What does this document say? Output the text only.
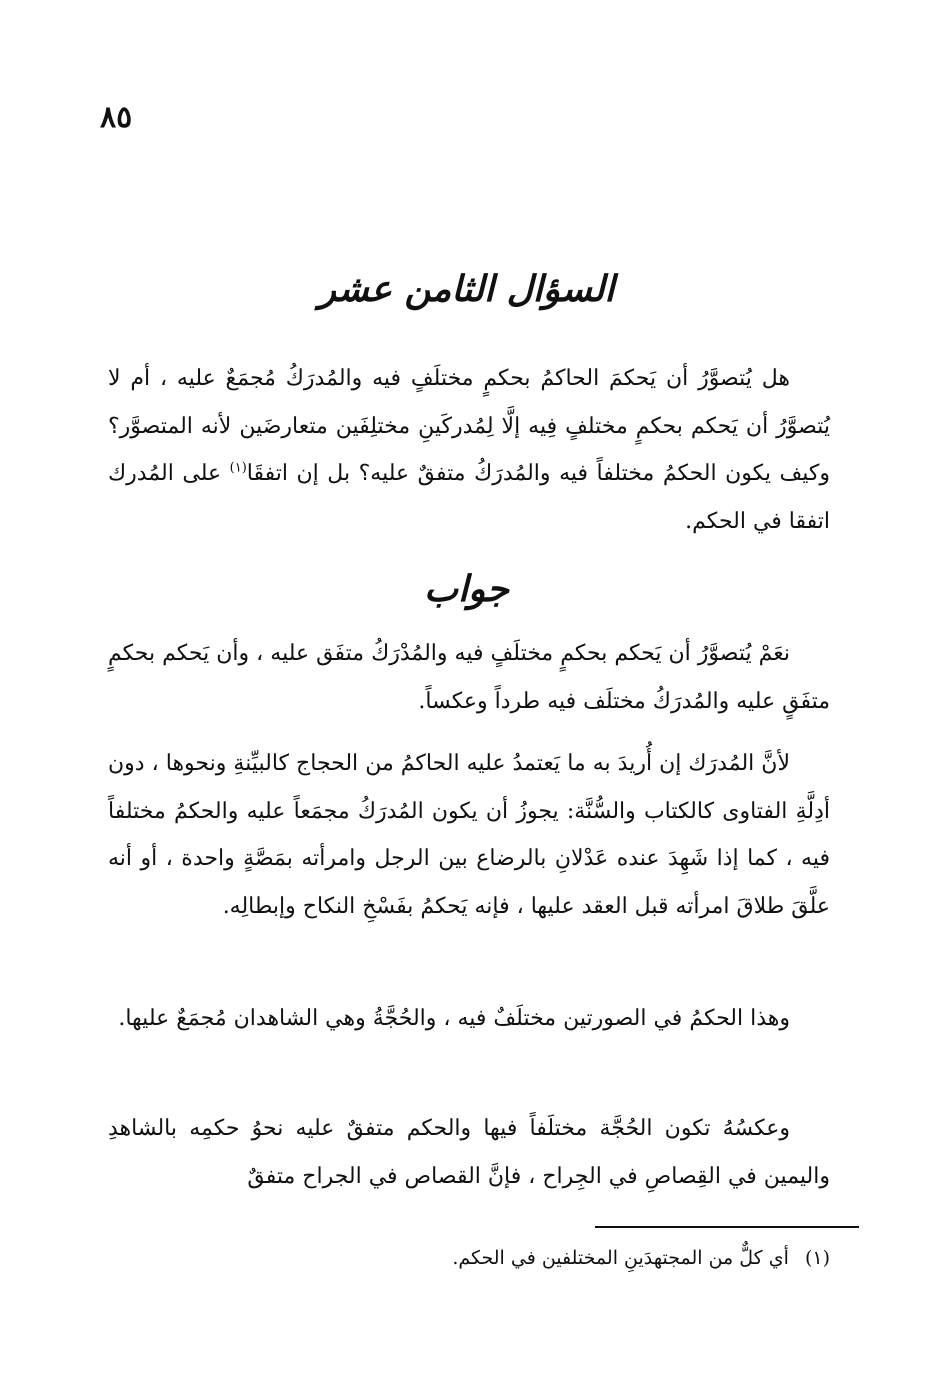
٨٥
السؤال الثامن عشر

هل يُتصوَّرُ أن يَحكمَ الحاكمُ بحكمٍ مختلَفٍ فيه والمُدرَكُ مُجمَعٌ عليه ، أم لا يُتصوَّرُ أن يَحكم بحكمٍ مختلفٍ فِيه إلَّا لِمُدركَينِ مختلِفَين متعارضَين لأنه المتصوَّر؟ وكيف يكون الحكمُ مختلفاً فيه والمُدرَكُ متفقٌ عليه؟ بل إن اتفقَا$^{(١)}$ على المُدرك اتفقا في الحكم.

جواب

نعَمْ يُتصوَّرُ أن يَحكم بحكمٍ مختلَفٍ فيه والمُدْرَكُ متفَق عليه ، وأن يَحكم بحكمٍ متفَقٍ عليه والمُدرَكُ مختلَف فيه طرداً وعكساً.

لأنَّ المُدرَك إن أُريدَ به ما يَعتمدُ عليه الحاكمُ من الحجاج كالبيِّنةِ ونحوها ، دون أدِلَّةِ الفتاوى كالكتاب والسُّنَّة: يجوزُ أن يكون المُدرَكُ مجمَعاً عليه والحكمُ مختلفاً فيه ، كما إذا شَهِدَ عنده عَدْلانِ بالرضاع بين الرجل وامرأته بمَصَّةٍ واحدة ، أو أنه علَّقَ طلاقَ امرأته قبل العقد عليها ، فإنه يَحكمُ بفَسْخِ النكاح وإبطالِه.

وهذا الحكمُ في الصورتين مختلَفٌ فيه ، والحُجَّةُ وهي الشاهدان مُجمَعٌ عليها.

وعكسُهُ تكون الحُجَّة مختلَفاً فيها والحكم متفقٌ عليه نحوُ حكمِه بالشاهدِ واليمين في القِصاصِ في الجِراح ، فإنَّ القصاص في الجراح متفقٌ

(١) أي كلٌّ من المجتهدَينِ المختلفين في الحكم.
